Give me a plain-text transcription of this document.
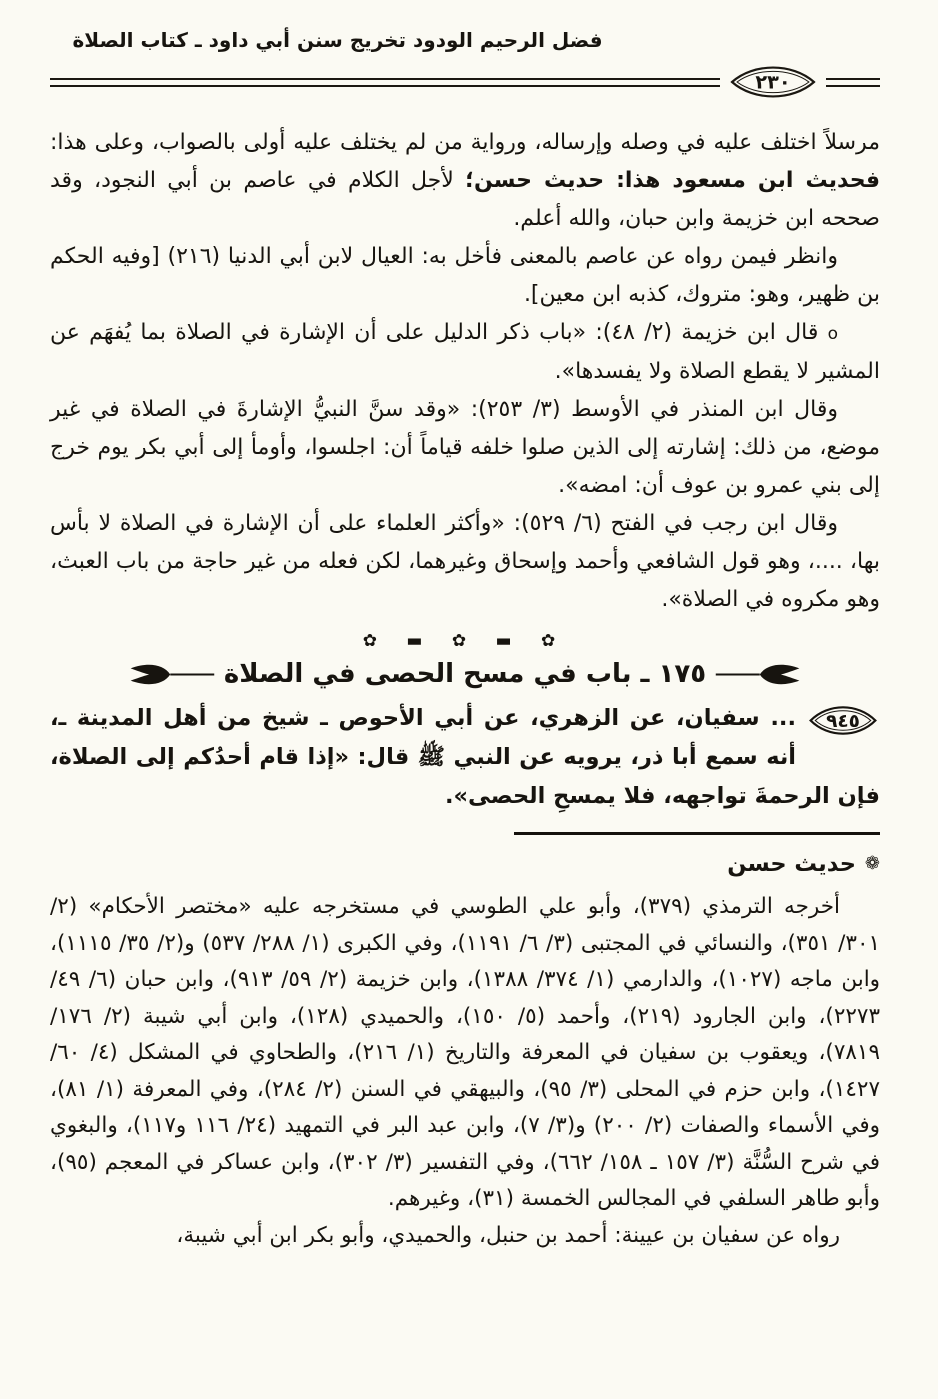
فضل الرحيم الودود تخريج سنن أبي داود ـ كتاب الصلاة
٢٣٠

مرسلاً اختلف عليه في وصله وإرساله، ورواية من لم يختلف عليه أولى بالصواب، وعلى هذا: فحديث ابن مسعود هذا: حديث حسن؛ لأجل الكلام في عاصم بن أبي النجود، وقد صححه ابن خزيمة وابن حبان، والله أعلم.

وانظر فيمن رواه عن عاصم بالمعنى فأخل به: العيال لابن أبي الدنيا (٢١٦) [وفيه الحكم بن ظهير، وهو: متروك، كذبه ابن معين].

o قال ابن خزيمة (٢/ ٤٨): «باب ذكر الدليل على أن الإشارة في الصلاة بما يُفهَم عن المشير لا يقطع الصلاة ولا يفسدها».

وقال ابن المنذر في الأوسط (٣/ ٢٥٣): «وقد سنَّ النبيُّ الإشارةَ في الصلاة في غير موضع، من ذلك: إشارته إلى الذين صلوا خلفه قياماً أن: اجلسوا، وأومأ إلى أبي بكر يوم خرج إلى بني عمرو بن عوف أن: امضه».

وقال ابن رجب في الفتح (٦/ ٥٢٩): «وأكثر العلماء على أن الإشارة في الصلاة لا بأس بها، ....، وهو قول الشافعي وأحمد وإسحاق وغيرهما، لكن فعله من غير حاجة من باب العبث، وهو مكروه في الصلاة».

✿ ▬ ✿ ▬ ✿
١٧٥ ـ باب في مسح الحصى في الصلاة

٩٤٥
... سفيان، عن الزهري، عن أبي الأحوص ـ شيخ من أهل المدينة ـ، أنه سمع أبا ذر، يرويه عن النبي ﷺ قال: «إذا قام أحدُكم إلى الصلاة، فإن الرحمةَ تواجهه، فلا يمسحِ الحصى».

❁
حديث حسن

أخرجه الترمذي (٣٧٩)، وأبو علي الطوسي في مستخرجه عليه «مختصر الأحكام» (٢/ ٣٠١/ ٣٥١)، والنسائي في المجتبى (٣/ ٦/ ١١٩١)، وفي الكبرى (١/ ٢٨٨/ ٥٣٧) و(٢/ ٣٥/ ١١١٥)، وابن ماجه (١٠٢٧)، والدارمي (١/ ٣٧٤/ ١٣٨٨)، وابن خزيمة (٢/ ٥٩/ ٩١٣)، وابن حبان (٦/ ٤٩/ ٢٢٧٣)، وابن الجارود (٢١٩)، وأحمد (٥/ ١٥٠)، والحميدي (١٢٨)، وابن أبي شيبة (٢/ ١٧٦/ ٧٨١٩)، ويعقوب بن سفيان في المعرفة والتاريخ (١/ ٢١٦)، والطحاوي في المشكل (٤/ ٦٠/ ١٤٢٧)، وابن حزم في المحلى (٣/ ٩٥)، والبيهقي في السنن (٢/ ٢٨٤)، وفي المعرفة (١/ ٨١)، وفي الأسماء والصفات (٢/ ٢٠٠) و(٣/ ٧)، وابن عبد البر في التمهيد (٢٤/ ١١٦ و١١٧)، والبغوي في شرح السُّنَّة (٣/ ١٥٧ ـ ١٥٨/ ٦٦٢)، وفي التفسير (٣/ ٣٠٢)، وابن عساكر في المعجم (٩٥)، وأبو طاهر السلفي في المجالس الخمسة (٣١)، وغيرهم.

رواه عن سفيان بن عيينة: أحمد بن حنبل، والحميدي، وأبو بكر ابن أبي شيبة،
